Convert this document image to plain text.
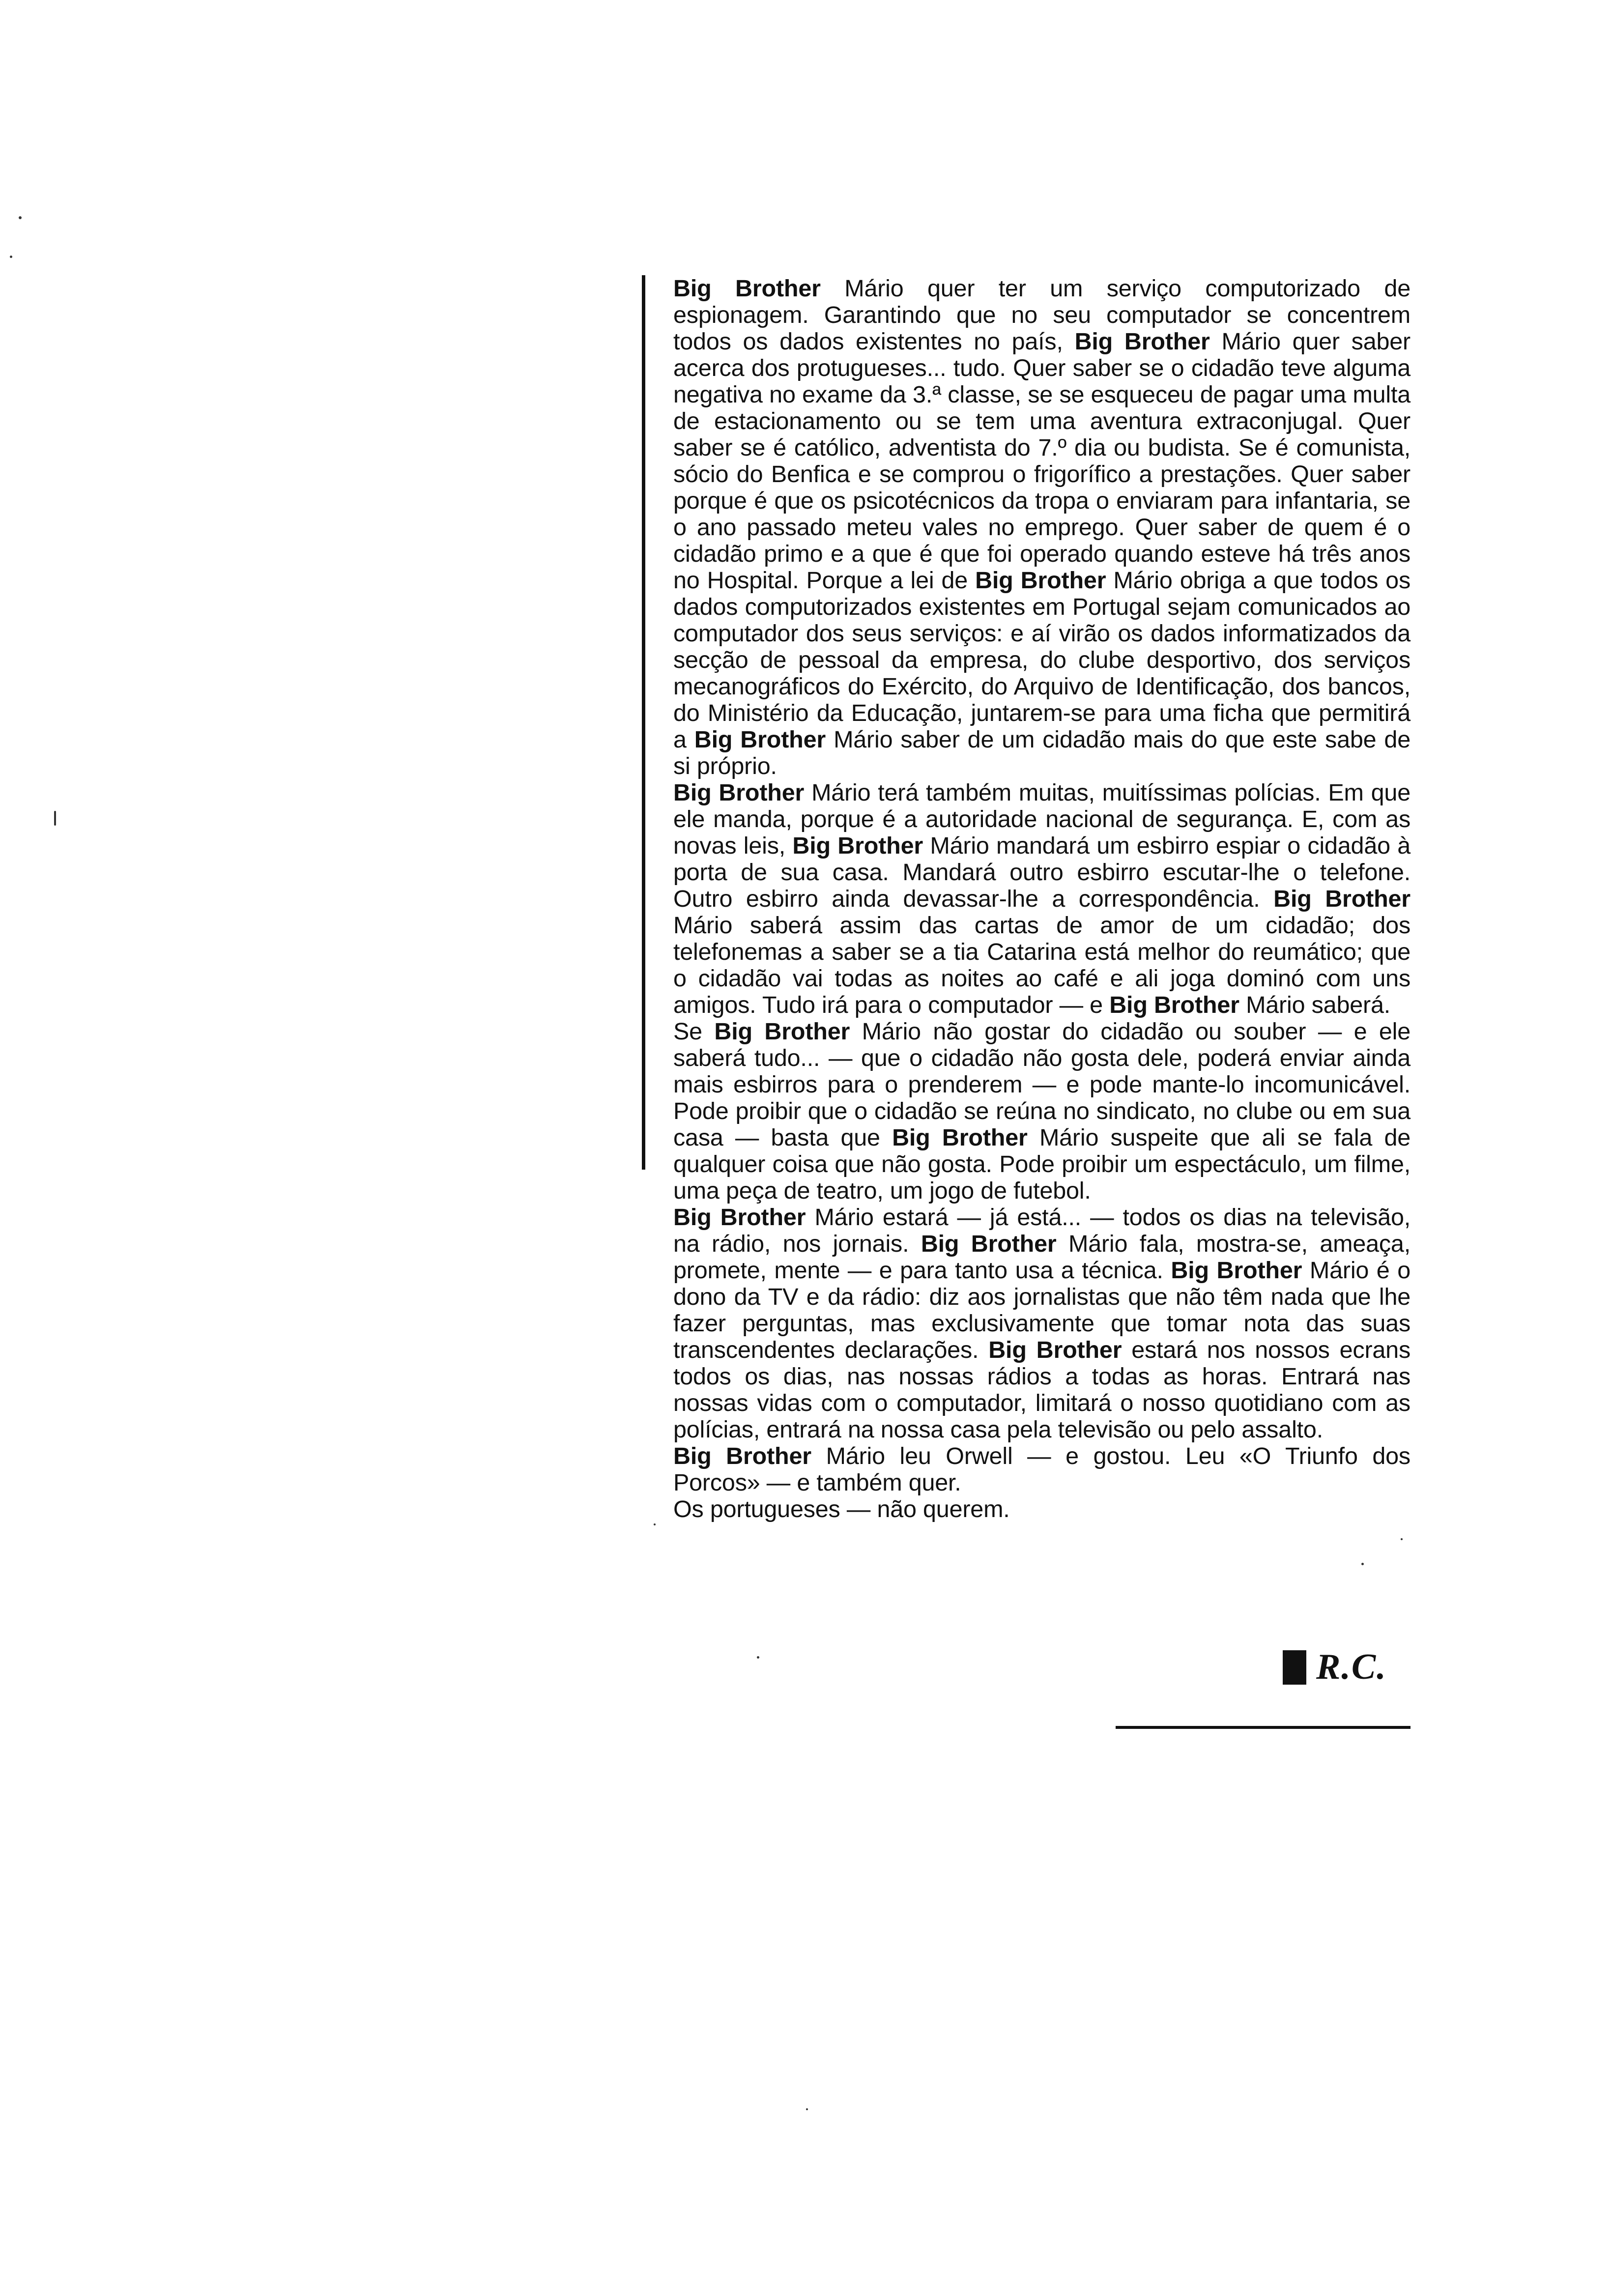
Big Brother Mário quer ter um serviço computorizado de espionagem. Garantindo que no seu computador se concentrem todos os dados existentes no país, Big Brother Mário quer saber acerca dos protugueses... tudo. Quer saber se o cidadão teve alguma negativa no exame da 3.ª classe, se se esqueceu de pagar uma multa de estacionamento ou se tem uma aventura extraconjugal. Quer saber se é católico, adventista do 7.º dia ou budista. Se é comunista, sócio do Benfica e se comprou o frigorífico a prestações. Quer saber porque é que os psicotécnicos da tropa o enviaram para infantaria, se o ano passado meteu vales no emprego. Quer saber de quem é o cidadão primo e a que é que foi operado quando esteve há três anos no Hospital. Porque a lei de Big Brother Mário obriga a que todos os dados computorizados existentes em Portugal sejam comunicados ao computador dos seus serviços: e aí virão os dados informatizados da secção de pessoal da empresa, do clube desportivo, dos serviços mecanográficos do Exército, do Arquivo de Identificação, dos bancos, do Ministério da Educação, juntarem-se para uma ficha que permitirá a Big Brother Mário saber de um cidadão mais do que este sabe de si próprio.

Big Brother Mário terá também muitas, muitíssimas polícias. Em que ele manda, porque é a autoridade nacional de segurança. E, com as novas leis, Big Brother Mário mandará um esbirro espiar o cidadão à porta de sua casa. Mandará outro esbirro escutar-lhe o telefone. Outro esbirro ainda devassar-lhe a correspondência. Big Brother Mário saberá assim das cartas de amor de um cidadão; dos telefonemas a saber se a tia Catarina está melhor do reumático; que o cidadão vai todas as noites ao café e ali joga dominó com uns amigos. Tudo irá para o computador — e Big Brother Mário saberá.

Se Big Brother Mário não gostar do cidadão ou souber — e ele saberá tudo... — que o cidadão não gosta dele, poderá enviar ainda mais esbirros para o prenderem — e pode mante-lo incomunicável. Pode proibir que o cidadão se reúna no sindicato, no clube ou em sua casa — basta que Big Brother Mário suspeite que ali se fala de qualquer coisa que não gosta. Pode proibir um espectáculo, um filme, uma peça de teatro, um jogo de futebol.

Big Brother Mário estará — já está... — todos os dias na televisão, na rádio, nos jornais. Big Brother Mário fala, mostra-se, ameaça, promete, mente — e para tanto usa a técnica. Big Brother Mário é o dono da TV e da rádio: diz aos jornalistas que não têm nada que lhe fazer perguntas, mas exclusivamente que tomar nota das suas transcendentes declarações. Big Brother estará nos nossos ecrans todos os dias, nas nossas rádios a todas as horas. Entrará nas nossas vidas com o computador, limitará o nosso quotidiano com as polícias, entrará na nossa casa pela televisão ou pelo assalto.

Big Brother Mário leu Orwell — e gostou. Leu «O Triunfo dos Porcos» — e também quer.

Os portugueses — não querem.

R.C.
